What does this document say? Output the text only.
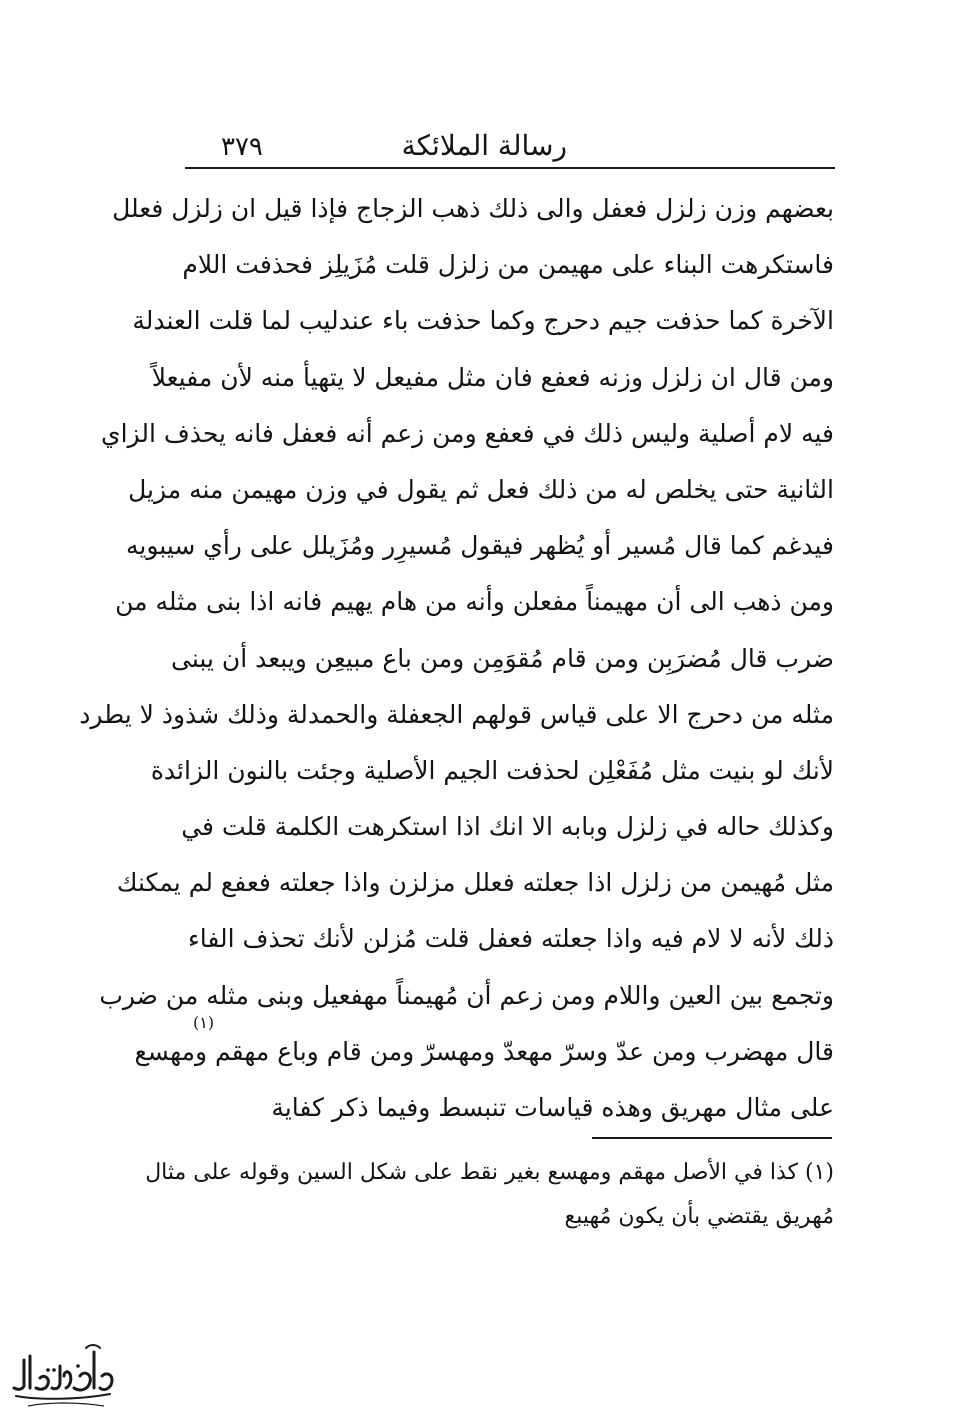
رسالة الملائكة
٣٧٩
بعضهم وزن زلزل فعفل والى ذلك ذهب الزجاج فإذا قيل ان زلزل فعلل
فاستكرهت البناء على مهيمن من زلزل قلت مُزَيلِز فحذفت اللام
الآخرة كما حذفت جيم دحرج وكما حذفت باء عندليب لما قلت العندلة
ومن قال ان زلزل وزنه فعفع فان مثل مفيعل لا يتهيأ منه لأن مفيعلاً
فيه لام أصلية وليس ذلك في فعفع ومن زعم أنه فعفل فانه يحذف الزاي
الثانية حتى يخلص له من ذلك فعل ثم يقول في وزن مهيمن منه مزيل
فيدغم كما قال مُسير أو يُظهر فيقول مُسيرِر ومُزَيلل على رأي سيبويه
ومن ذهب الى أن مهيمناً مفعلن وأنه من هام يهيم فانه اذا بنى مثله من
ضرب قال مُضرَبِن ومن قام مُقوَمِن ومن باع مبيعِن ويبعد أن يبنى
مثله من دحرج الا على قياس قولهم الجعفلة والحمدلة وذلك شذوذ لا يطرد
لأنك لو بنيت مثل مُفَعْلِن لحذفت الجيم الأصلية وجئت بالنون الزائدة
وكذلك حاله في زلزل وبابه الا انك اذا استكرهت الكلمة قلت في
مثل مُهيمن من زلزل اذا جعلته فعلل مزلزن واذا جعلته فعفع لم يمكنك
ذلك لأنه لا لام فيه واذا جعلته فعفل قلت مُزلن لأنك تحذف الفاء
وتجمع بين العين واللام ومن زعم أن مُهيمناً مهفعيل وبنى مثله من ضرب
قال مهضرب ومن عدّ وسرّ مهعدّ ومهسرّ ومن قام وباع مهقم ومهسع
على مثال مهريق وهذه قياسات تنبسط وفيما ذكر كفاية
(١)
(١) كذا في الأصل مهقم ومهسع بغير نقط على شكل السين وقوله على مثال
مُهريق يقتضي بأن يكون مُهيبع
